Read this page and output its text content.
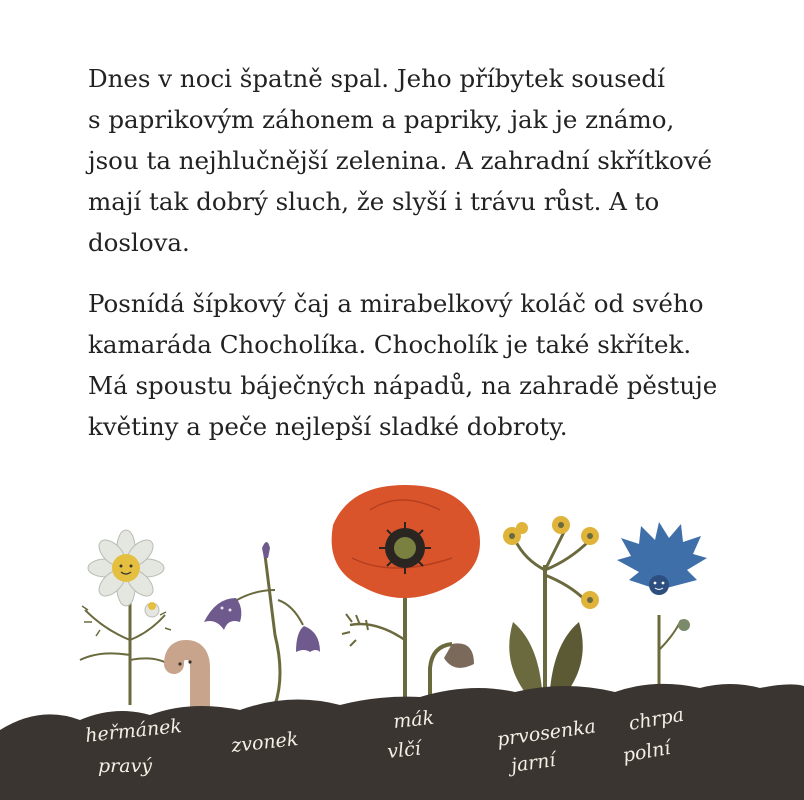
Dnes v noci špatně spal. Jeho příbytek sousedí
s paprikovým záhonem a papriky, jak je známo,
jsou ta nejhlučnější zelenina. A zahradní skřítkové
mají tak dobrý sluch, že slyší i trávu růst. A to
doslova.

Posnídá šípkový čaj a mirabelkový koláč od svého
kamaráda Chocholíka. Chocholík je také skřítek.
Má spoustu báječných nápadů, na zahradě pěstuje
květiny a peče nejlepší sladké dobroty.

heřmánek
pravý
zvonek
mák
vlčí	prvosenka
jarní
chrpa
polní
